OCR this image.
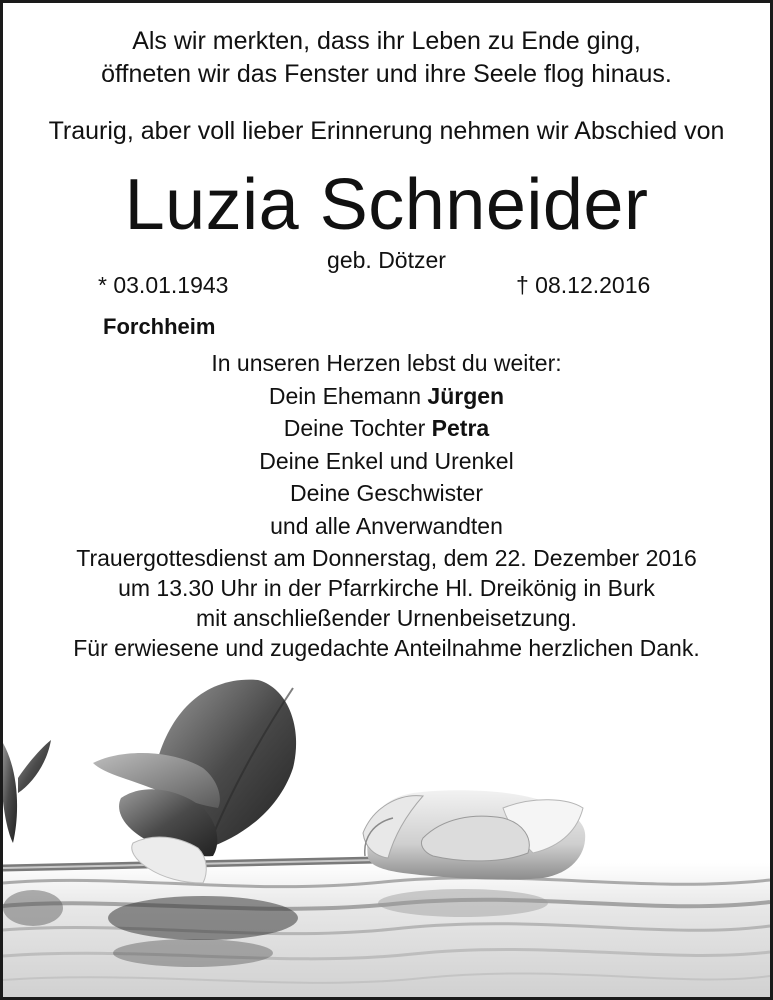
Als wir merkten, dass ihr Leben zu Ende ging,
öffneten wir das Fenster und ihre Seele flog hinaus.
Traurig, aber voll lieber Erinnerung nehmen wir Abschied von
Luzia Schneider
geb. Dötzer
* 03.01.1943	† 08.12.2016
Forchheim
In unseren Herzen lebst du weiter:
Dein Ehemann Jürgen
Deine Tochter Petra
Deine Enkel und Urenkel
Deine Geschwister
und alle Anverwandten
Trauergottesdienst am Donnerstag, dem 22. Dezember 2016
um 13.30 Uhr in der Pfarrkirche Hl. Dreikönig in Burk
mit anschließender Urnenbeisetzung.
Für erwiesene und zugedachte Anteilnahme herzlichen Dank.
